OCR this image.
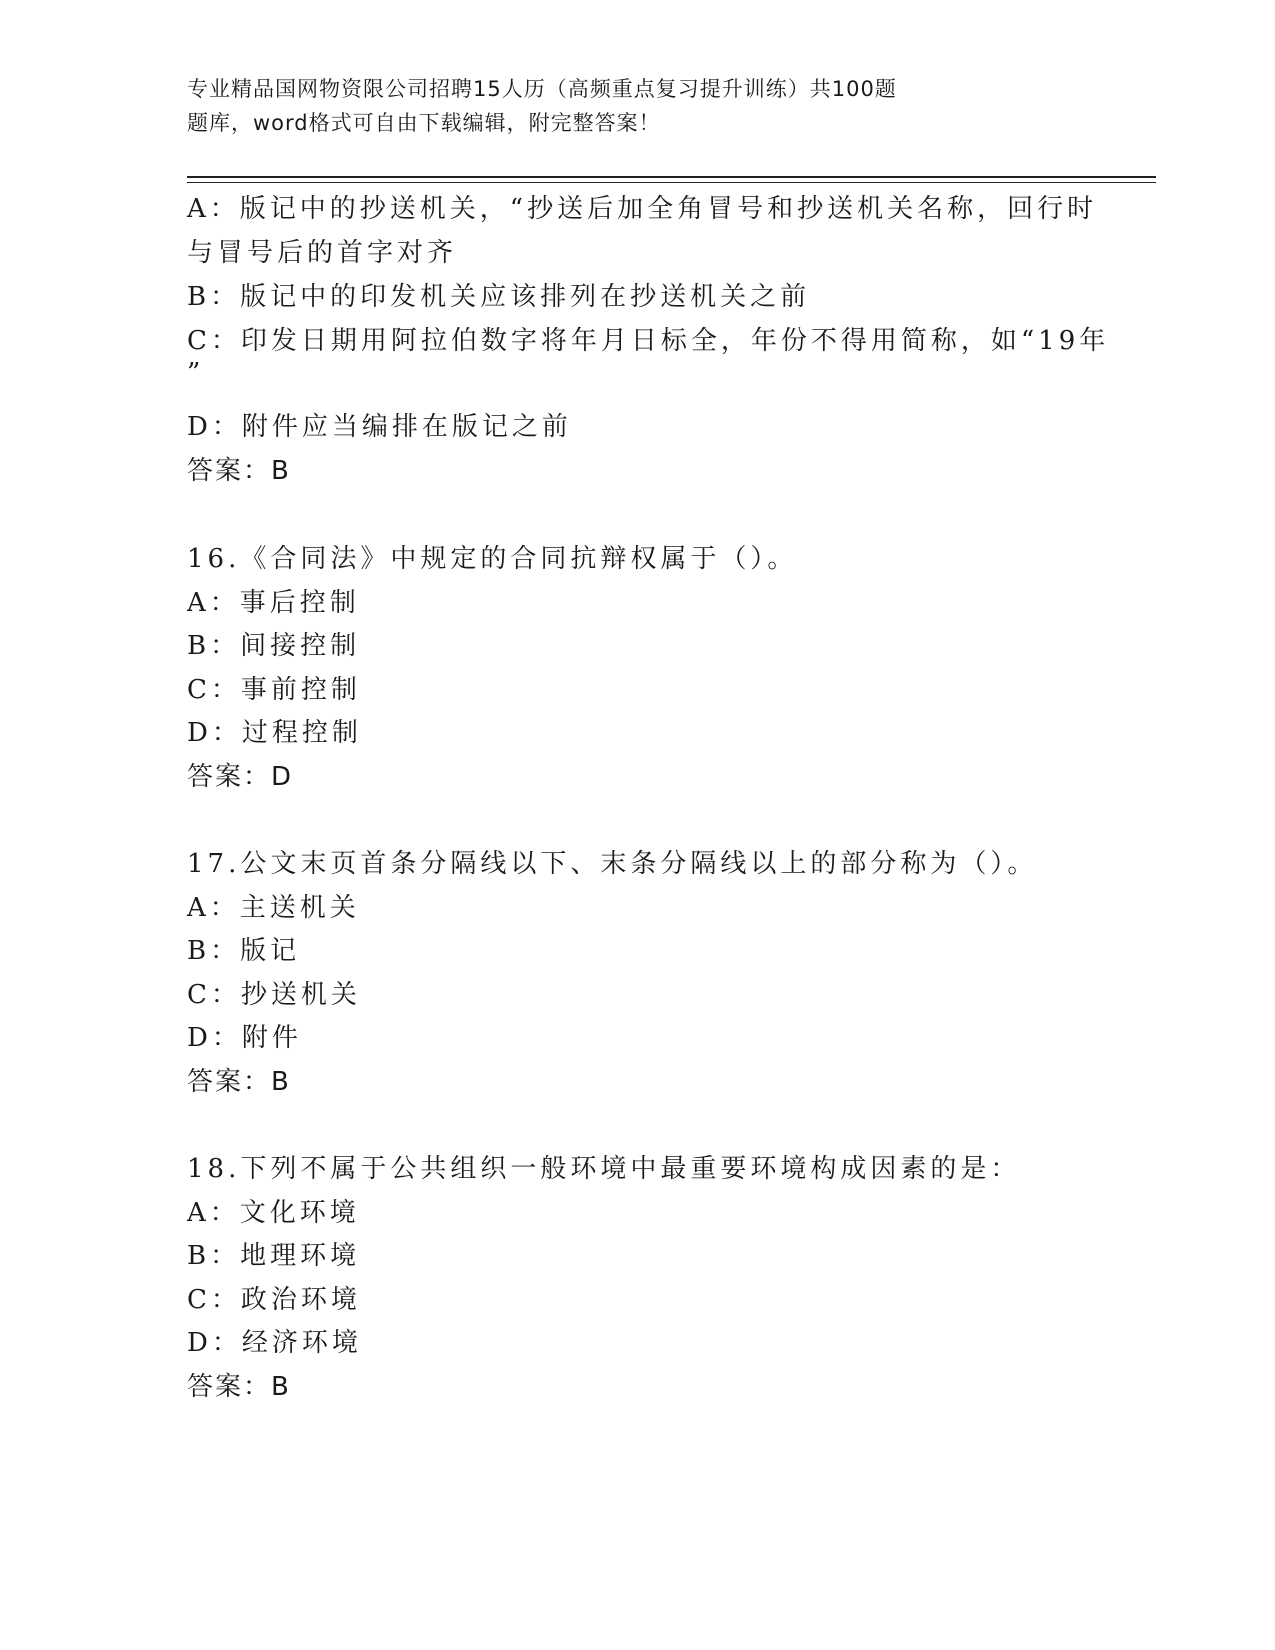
专业精品国网物资限公司招聘15人历（高频重点复习提升训练）共100题
题库，word格式可自由下载编辑，附完整答案！
A：版记中的抄送机关，“抄送后加全角冒号和抄送机关名称，回行时
与冒号后的首字对齐
B：版记中的印发机关应该排列在抄送机关之前
C：印发日期用阿拉伯数字将年月日标全，年份不得用简称，如“19年
”
D：附件应当编排在版记之前
答案：B
16.《合同法》中规定的合同抗辩权属于（）。
A：事后控制
B：间接控制
C：事前控制
D：过程控制
答案：D
17.公文末页首条分隔线以下、末条分隔线以上的部分称为（）。
A：主送机关
B：版记
C：抄送机关
D：附件
答案：B
18.下列不属于公共组织一般环境中最重要环境构成因素的是：
A：文化环境
B：地理环境
C：政治环境
D：经济环境
答案：B
